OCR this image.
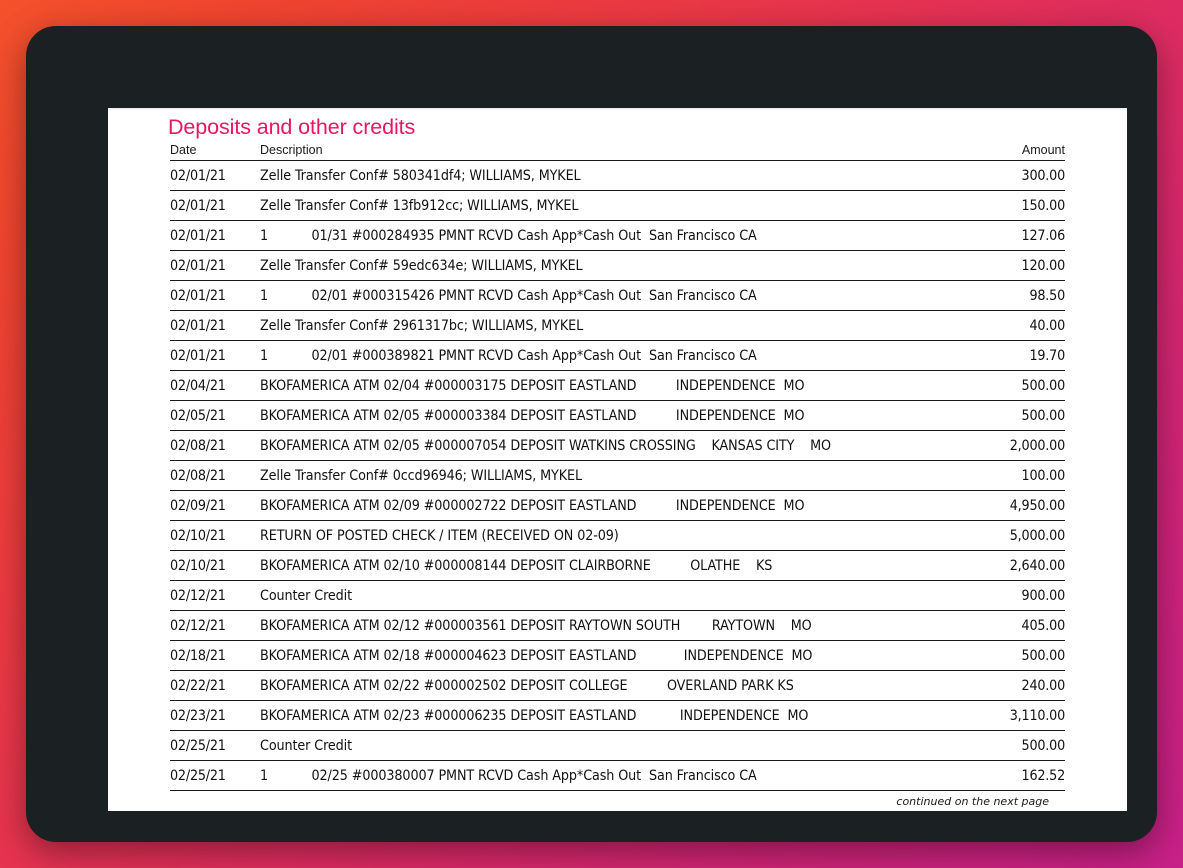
Deposits and other credits
Date	Description	Amount
02/01/21	Zelle Transfer Conf# 580341df4; WILLIAMS, MYKEL	300.00
02/01/21	Zelle Transfer Conf# 13fb912cc; WILLIAMS, MYKEL	150.00
02/01/21	1           01/31 #000284935 PMNT RCVD Cash App*Cash Out  San Francisco CA	127.06
02/01/21	Zelle Transfer Conf# 59edc634e; WILLIAMS, MYKEL	120.00
02/01/21	1           02/01 #000315426 PMNT RCVD Cash App*Cash Out  San Francisco CA	98.50
02/01/21	Zelle Transfer Conf# 2961317bc; WILLIAMS, MYKEL	40.00
02/01/21	1           02/01 #000389821 PMNT RCVD Cash App*Cash Out  San Francisco CA	19.70
02/04/21	BKOFAMERICA ATM 02/04 #000003175 DEPOSIT EASTLAND          INDEPENDENCE  MO	500.00
02/05/21	BKOFAMERICA ATM 02/05 #000003384 DEPOSIT EASTLAND          INDEPENDENCE  MO	500.00
02/08/21	BKOFAMERICA ATM 02/05 #000007054 DEPOSIT WATKINS CROSSING    KANSAS CITY    MO	2,000.00
02/08/21	Zelle Transfer Conf# 0ccd96946; WILLIAMS, MYKEL	100.00
02/09/21	BKOFAMERICA ATM 02/09 #000002722 DEPOSIT EASTLAND          INDEPENDENCE  MO	4,950.00
02/10/21	RETURN OF POSTED CHECK / ITEM (RECEIVED ON 02-09)	5,000.00
02/10/21	BKOFAMERICA ATM 02/10 #000008144 DEPOSIT CLAIRBORNE          OLATHE    KS	2,640.00
02/12/21	Counter Credit	900.00
02/12/21	BKOFAMERICA ATM 02/12 #000003561 DEPOSIT RAYTOWN SOUTH        RAYTOWN    MO	405.00
02/18/21	BKOFAMERICA ATM 02/18 #000004623 DEPOSIT EASTLAND            INDEPENDENCE  MO	500.00
02/22/21	BKOFAMERICA ATM 02/22 #000002502 DEPOSIT COLLEGE          OVERLAND PARK KS	240.00
02/23/21	BKOFAMERICA ATM 02/23 #000006235 DEPOSIT EASTLAND           INDEPENDENCE  MO	3,110.00
02/25/21	Counter Credit	500.00
02/25/21	1           02/25 #000380007 PMNT RCVD Cash App*Cash Out  San Francisco CA	162.52
continued on the next page
